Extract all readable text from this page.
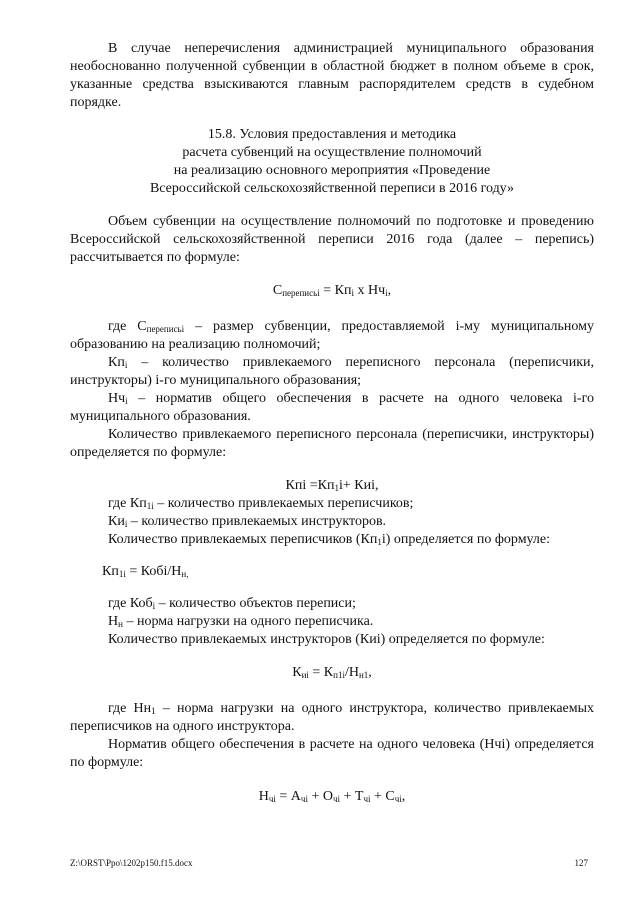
В случае неперечисления администрацией муниципального образования необоснованно полученной субвенции в областной бюджет в полном объеме в срок, указанные средства взыскиваются главным распорядителем средств в судебном порядке.

15.8. Условия предоставления и методика

расчета субвенций на осуществление полномочий

на реализацию основного мероприятия «Проведение

Всероссийской сельскохозяйственной переписи в 2016 году»

Объем субвенции на осуществление полномочий по подготовке и проведению Всероссийской сельскохозяйственной переписи 2016 года (далее – перепись) рассчитывается по формуле:

$С_{переписьi} = Кп_i$ х $Нч_i$,

где $С_{переписьi}$ – размер субвенции, предоставляемой i-му муниципальному образованию на реализацию полномочий;

$Кп_i$ – количество привлекаемого переписного персонала (переписчики, инструкторы) i-го муниципального образования;

$Нч_i$ – норматив общего обеспечения в расчете на одного человека i-го муниципального образования.

Количество привлекаемого переписного персонала (переписчики, инструкторы) определяется по формуле:

Кпi $=Кп_1i+$ Киi,

где $Кп_{1i}$ – количество привлекаемых переписчиков;

$Ки_i$ – количество привлекаемых инструкторов.

Количество привлекаемых переписчиков $(Кп_1i)$ определяется по формуле:

$Кп_{1i}$ = Кобi/$Н_{н,}$

где Коб$_i$ – количество объектов переписи;

$Н_н$ – норма нагрузки на одного переписчика.

Количество привлекаемых инструкторов (Киi) определяется по формуле:

$К_{иi} = К_{п1i}/Н_{н1}$,

где $Нн_1$ – норма нагрузки на одного инструктора, количество привлекаемых переписчиков на одного инструктора.

Норматив общего обеспечения в расчете на одного человека (Нчi) определяется по формуле:

$Н_{чi} = А_{чi} + О_{чi} + Т_{чi} + С_{чi}$,

Z:\ORST\Ppo\1202p150.f15.docx	127
